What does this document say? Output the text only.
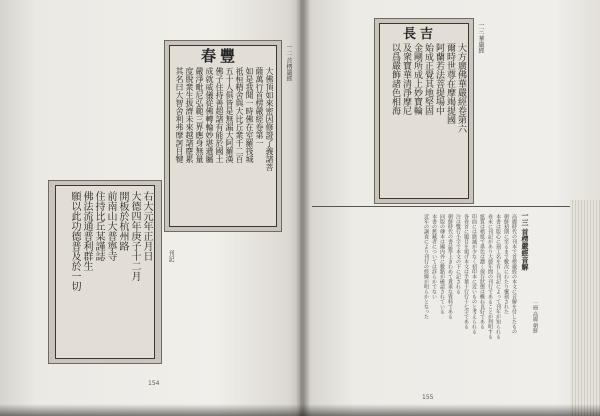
春豐
大佛頂如來密因修證了義諸菩
薩萬行首楞嚴經卷第一
如是我聞一時佛在室羅筏城
祇桓精舍與大比丘衆千二百
五十人俱皆是無漏大阿羅漢
佛子住持善超諸有能於國土
成就威儀從佛轉輪妙堪遺屬
嚴淨毗尼弘範三界應身無量
度脫衆生拔濟未來越諸塵累
其名曰大智舍利弗摩訶目犍
一二 首楞嚴經
右大元年正月日
大德四年庚子十二月
開板於杭州路
前南山大普寧寺
住持比丘某謹誌
佛法流通普利群生
願以此功德普及於一切	刊記
長吉
大方廣佛華嚴經卷第六
爾時世尊在摩竭提國
阿蘭若法菩提場中
始成正覺其地堅固
金剛所成上妙寶輪
及衆寶華清淨摩尼
以爲嚴飾諸色相海
一三 華嚴經
一三 首楞嚴經音解
一冊 高麗 朝鮮
高麗時代の刊本で首楞嚴經の本文に音解を付したもの
朝鮮初期に至るまで數次にわたり覆刻された
本書は版心に刻工名を有し刊記によって刊年が知られる
卷末に刊記があり大德年間の刊行であることが判明する
紙質は楮紙で墨色は濃く保存狀態は概ね良好である
印面には磨滅が少なく初印本に近いものと考えられる
各卷首に題目を掲げ本文は半葉十行行十七字である
注は雙行小字で本文の下に記される
朝鮮時代の書誌學上きわめて貴重な資料である
同版の傳本は國内外に數點が確認されている
本書の舊藏者については詳らかでない
近年の調査により刊行の經緯が明らかとなった
154
155
